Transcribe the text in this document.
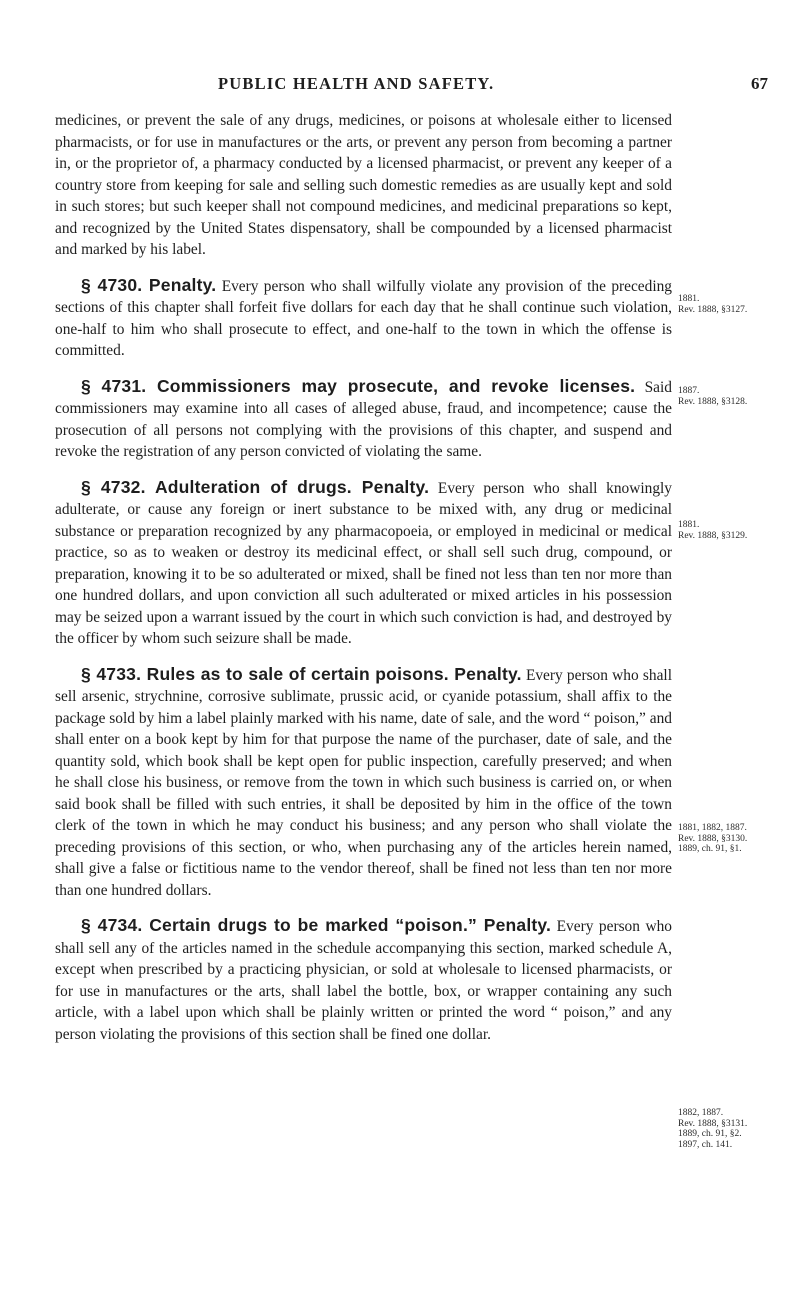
PUBLIC HEALTH AND SAFETY.	67

medicines, or prevent the sale of any drugs, medicines, or poisons at wholesale either to licensed pharmacists, or for use in manufactures or the arts, or prevent any person from becoming a partner in, or the proprietor of, a pharmacy conducted by a licensed pharmacist, or prevent any keeper of a country store from keeping for sale and selling such domestic remedies as are usually kept and sold in such stores; but such keeper shall not compound medicines, and medicinal preparations so kept, and recognized by the United States dispensatory, shall be compounded by a licensed pharmacist and marked by his label.

§ 4730. Penalty. Every person who shall wilfully violate any provision of the preceding sections of this chapter shall forfeit five dollars for each day that he shall continue such violation, one-half to him who shall prosecute to effect, and one-half to the town in which the offense is committed.

§ 4731. Commissioners may prosecute, and revoke licenses. Said commissioners may examine into all cases of alleged abuse, fraud, and incompetence; cause the prosecution of all persons not complying with the provisions of this chapter, and suspend and revoke the registration of any person convicted of violating the same.

§ 4732. Adulteration of drugs. Penalty. Every person who shall knowingly adulterate, or cause any foreign or inert substance to be mixed with, any drug or medicinal substance or preparation recognized by any pharmacopoeia, or employed in medicinal or medical practice, so as to weaken or destroy its medicinal effect, or shall sell such drug, compound, or preparation, knowing it to be so adulterated or mixed, shall be fined not less than ten nor more than one hundred dollars, and upon conviction all such adulterated or mixed articles in his possession may be seized upon a warrant issued by the court in which such conviction is had, and destroyed by the officer by whom such seizure shall be made.

§ 4733. Rules as to sale of certain poisons. Penalty. Every person who shall sell arsenic, strychnine, corrosive sublimate, prussic acid, or cyanide potassium, shall affix to the package sold by him a label plainly marked with his name, date of sale, and the word “ poison,” and shall enter on a book kept by him for that purpose the name of the purchaser, date of sale, and the quantity sold, which book shall be kept open for public inspection, carefully preserved; and when he shall close his business, or remove from the town in which such business is carried on, or when said book shall be filled with such entries, it shall be deposited by him in the office of the town clerk of the town in which he may conduct his business; and any person who shall violate the preceding provisions of this section, or who, when purchasing any of the articles herein named, shall give a false or fictitious name to the vendor thereof, shall be fined not less than ten nor more than one hundred dollars.

§ 4734. Certain drugs to be marked “poison.” Penalty. Every person who shall sell any of the articles named in the schedule accompanying this section, marked schedule A, except when prescribed by a practicing physician, or sold at wholesale to licensed pharmacists, or for use in manufactures or the arts, shall label the bottle, box, or wrapper containing any such article, with a label upon which shall be plainly written or printed the word “ poison,” and any person violating the provisions of this section shall be fined one dollar.

1881.
Rev. 1888, §3127.
1887.
Rev. 1888, §3128.
1881.
Rev. 1888, §3129.
1881, 1882, 1887.
Rev. 1888, §3130.
1889, ch. 91, §1.
1882, 1887.
Rev. 1888, §3131.
1889, ch. 91, §2.
1897, ch. 141.
